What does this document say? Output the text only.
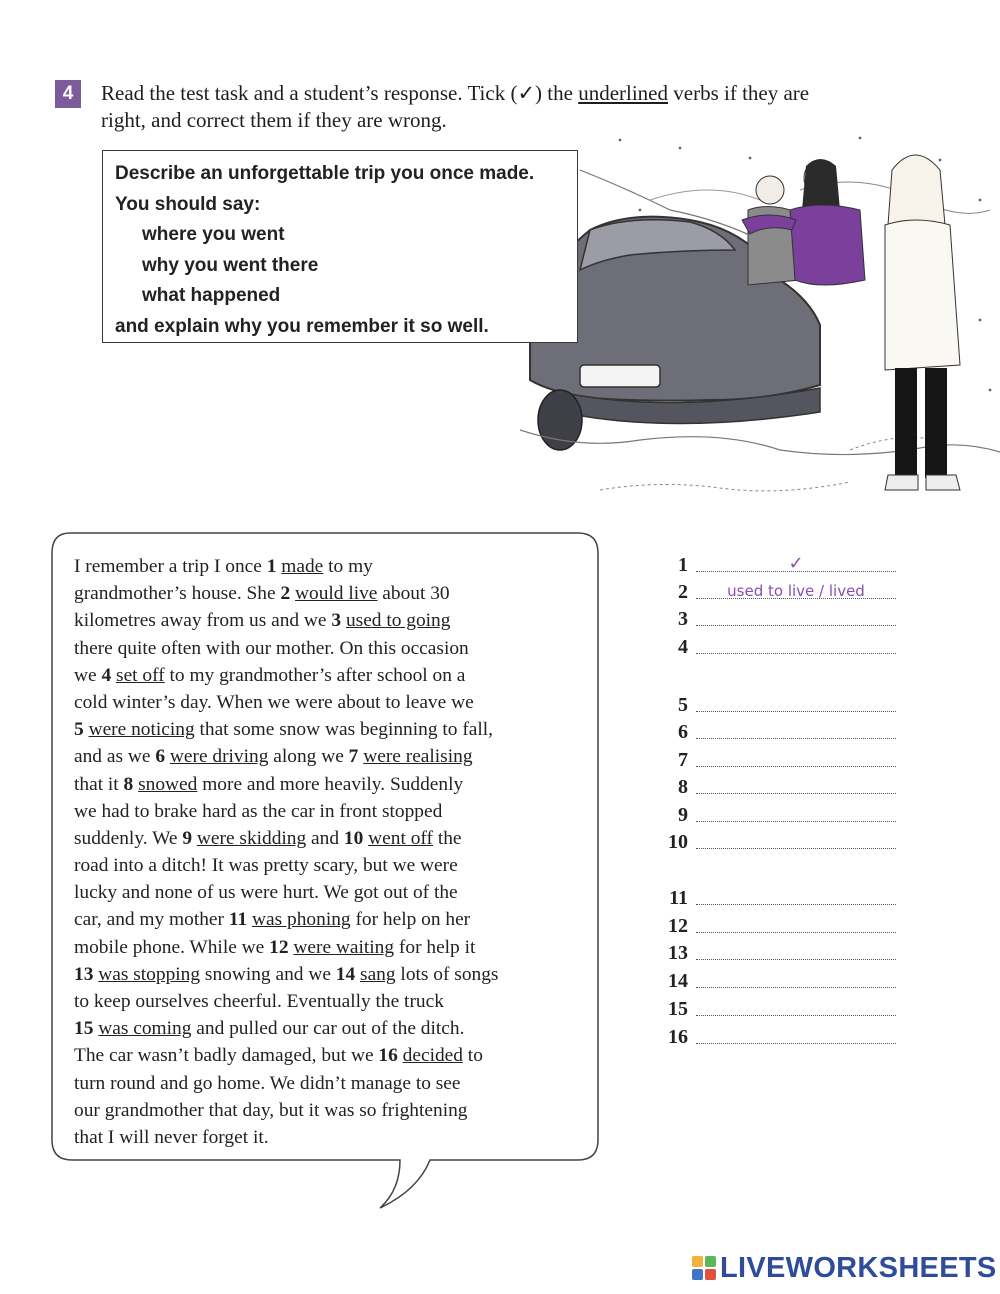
4	Read the test task and a student’s response. Tick (✓) the underlined verbs if they are
right, and correct them if they are wrong.
Describe an unforgettable trip you once made.
You should say:
where you went
why you went there
what happened
and explain why you remember it so well.
I remember a trip I once 1 made to my
grandmother’s house. She 2 would live about 30
kilometres away from us and we 3 used to going
there quite often with our mother. On this occasion
we 4 set off to my grandmother’s after school on a
cold winter’s day. When we were about to leave we
5 were noticing that some snow was beginning to fall,
and as we 6 were driving along we 7 were realising
that it 8 snowed more and more heavily. Suddenly
we had to brake hard as the car in front stopped
suddenly. We 9 were skidding and 10 went off the
road into a ditch! It was pretty scary, but we were
lucky and none of us were hurt. We got out of the
car, and my mother 11 was phoning for help on her
mobile phone. While we 12 were waiting for help it
13 was stopping snowing and we 14 sang lots of songs
to keep ourselves cheerful. Eventually the truck
15 was coming and pulled our car out of the ditch.
The car wasn’t badly damaged, but we 16 decided to
turn round and go home. We didn’t manage to see
our grandmother that day, but it was so frightening
that I will never forget it.
1	✓
2	used to live / lived
3
4
5
6
7
8
9
10
11
12
13
14
15
16
LIVEWORKSHEETS
